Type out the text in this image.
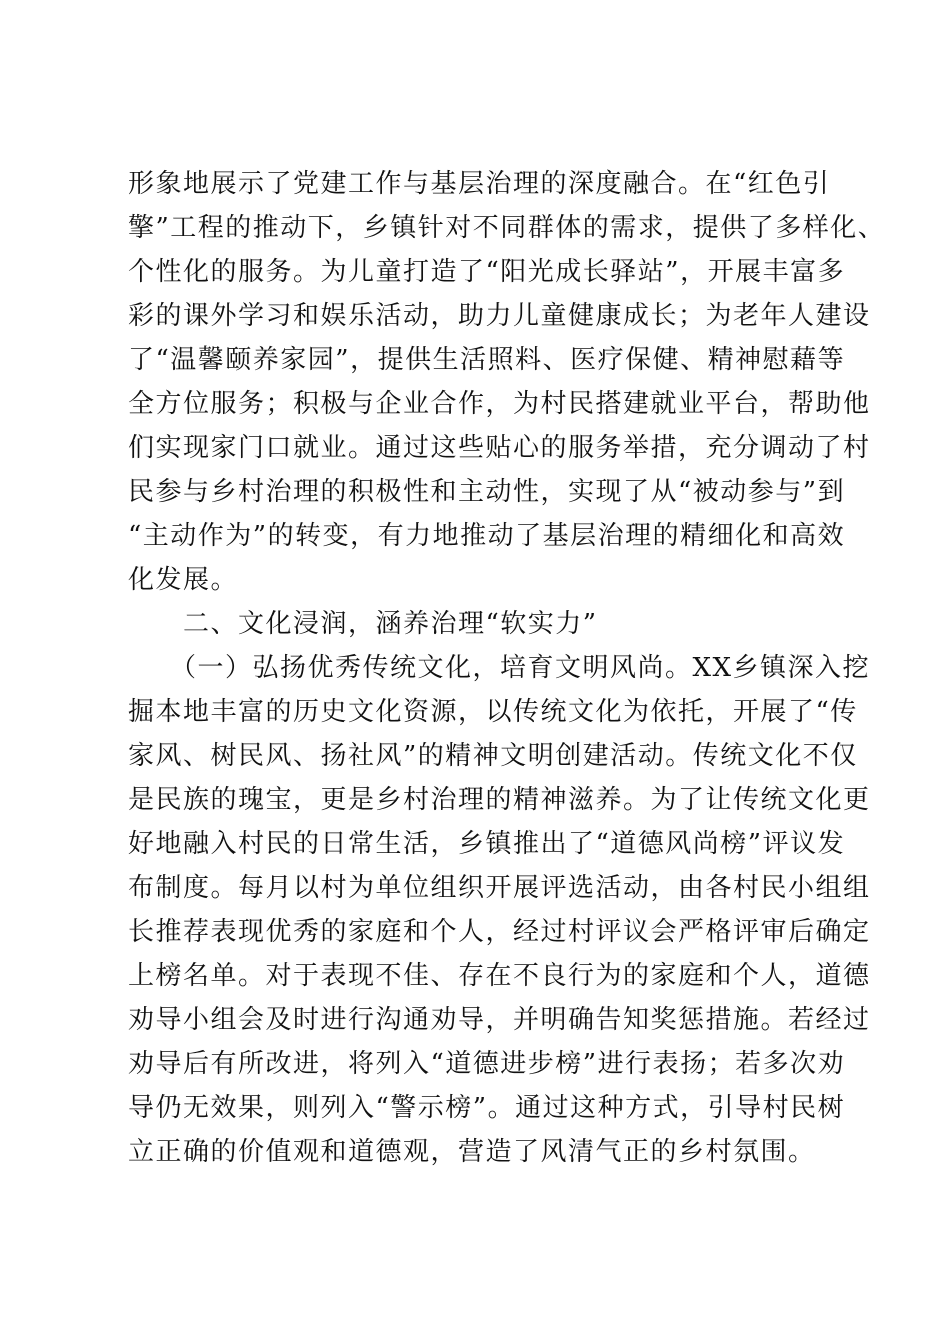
形象地展示了党建工作与基层治理的深度融合。在“红色引
擎”工程的推动下，乡镇针对不同群体的需求，提供了多样化、
个性化的服务。为儿童打造了“阳光成长驿站”，开展丰富多
彩的课外学习和娱乐活动，助力儿童健康成长；为老年人建设
了“温馨颐养家园”，提供生活照料、医疗保健、精神慰藉等
全方位服务；积极与企业合作，为村民搭建就业平台，帮助他
们实现家门口就业。通过这些贴心的服务举措，充分调动了村
民参与乡村治理的积极性和主动性，实现了从“被动参与”到
“主动作为”的转变，有力地推动了基层治理的精细化和高效
化发展。
　　二、文化浸润，涵养治理“软实力”
　　（一）弘扬优秀传统文化，培育文明风尚。XX乡镇深入挖
掘本地丰富的历史文化资源，以传统文化为依托，开展了“传
家风、树民风、扬社风”的精神文明创建活动。传统文化不仅
是民族的瑰宝，更是乡村治理的精神滋养。为了让传统文化更
好地融入村民的日常生活，乡镇推出了“道德风尚榜”评议发
布制度。每月以村为单位组织开展评选活动，由各村民小组组
长推荐表现优秀的家庭和个人，经过村评议会严格评审后确定
上榜名单。对于表现不佳、存在不良行为的家庭和个人，道德
劝导小组会及时进行沟通劝导，并明确告知奖惩措施。若经过
劝导后有所改进，将列入“道德进步榜”进行表扬；若多次劝
导仍无效果，则列入“警示榜”。通过这种方式，引导村民树
立正确的价值观和道德观，营造了风清气正的乡村氛围。
